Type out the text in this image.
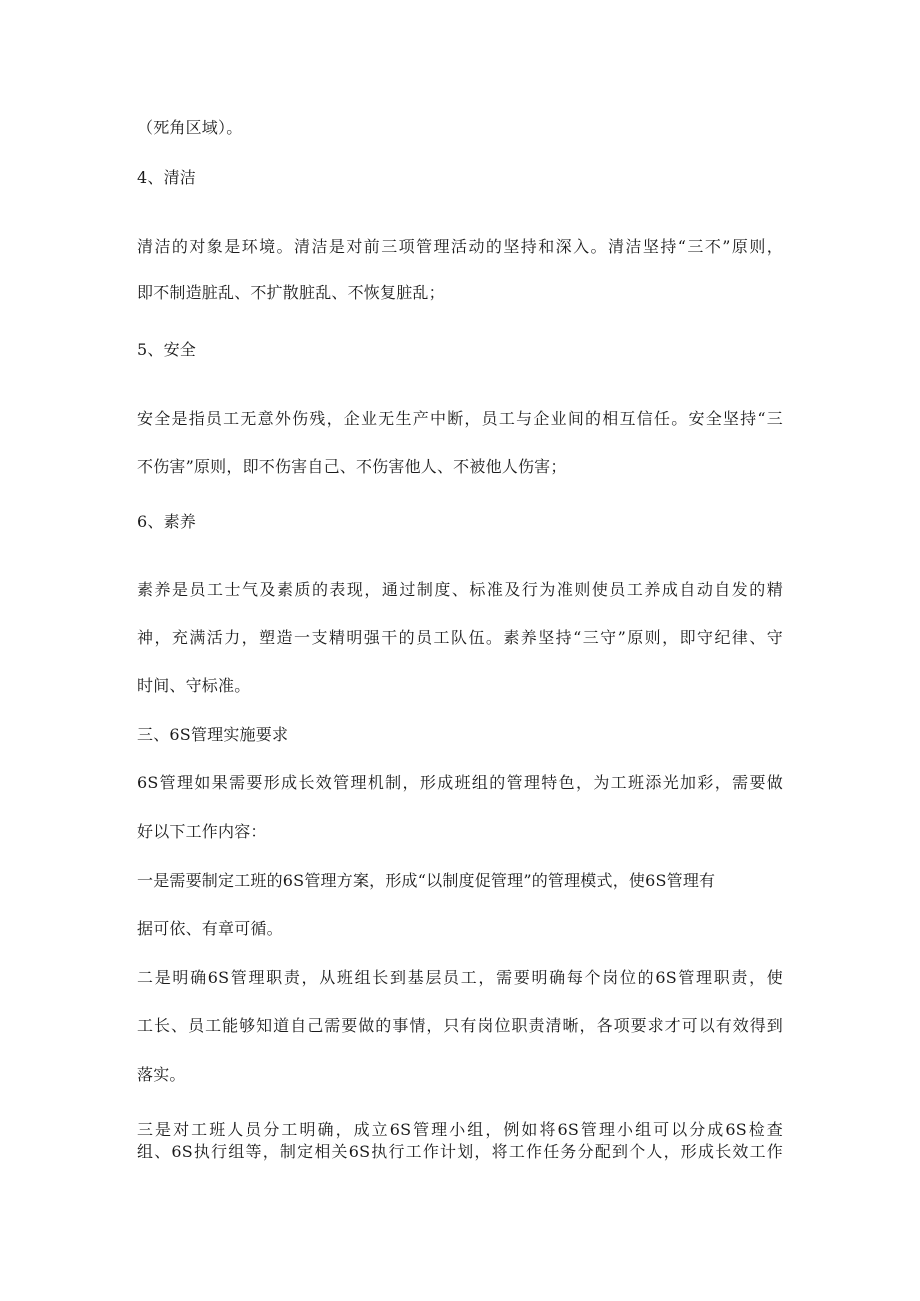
（死角区域）。
4、清洁
清洁的对象是环境。清洁是对前三项管理活动的坚持和深入。清洁坚持“三不”原则，
即不制造脏乱、不扩散脏乱、不恢复脏乱；
5、安全
安全是指员工无意外伤残，企业无生产中断，员工与企业间的相互信任。安全坚持“三
不伤害”原则，即不伤害自己、不伤害他人、不被他人伤害；
6、素养
素养是员工士气及素质的表现，通过制度、标准及行为准则使员工养成自动自发的精
神，充满活力，塑造一支精明强干的员工队伍。素养坚持“三守”原则，即守纪律、守
时间、守标准。
三、6S管理实施要求
6S管理如果需要形成长效管理机制，形成班组的管理特色，为工班添光加彩，需要做
好以下工作内容：
一是需要制定工班的6S管理方案，形成“以制度促管理”的管理模式，使6S管理有
据可依、有章可循。
二是明确6S管理职责，从班组长到基层员工，需要明确每个岗位的6S管理职责，使
工长、员工能够知道自己需要做的事情，只有岗位职责清晰，各项要求才可以有效得到
落实。
三是对工班人员分工明确，成立6S管理小组，例如将6S管理小组可以分成6S检查
组、6S执行组等，制定相关6S执行工作计划，将工作任务分配到个人，形成长效工作
